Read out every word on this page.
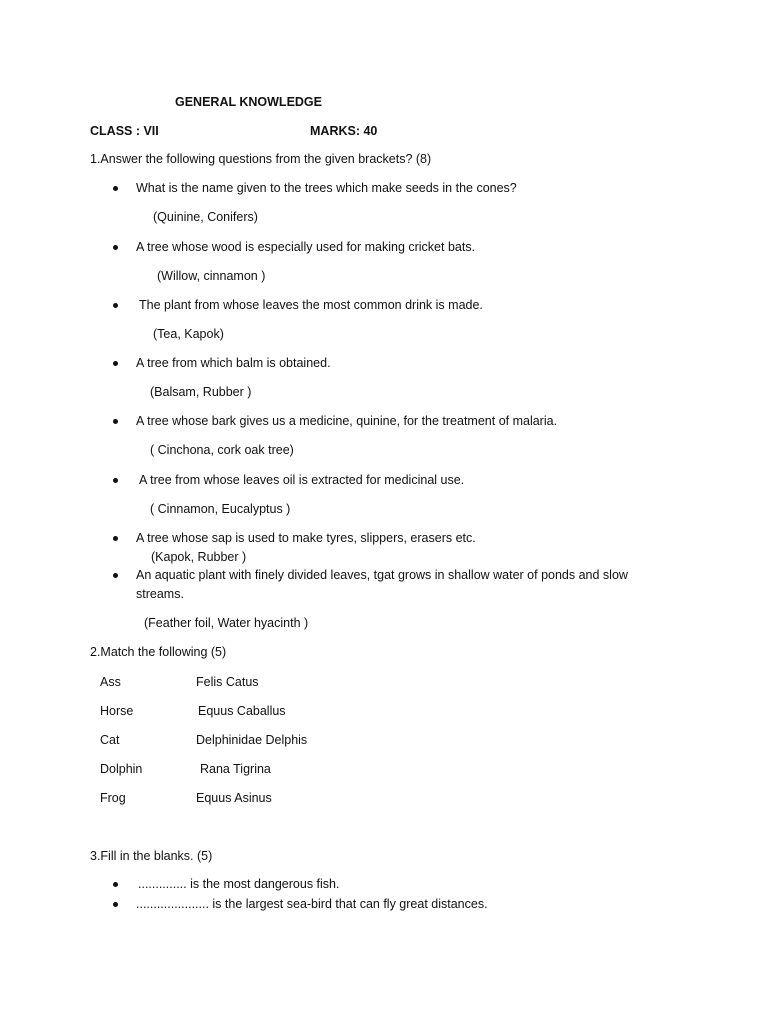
GENERAL KNOWLEDGE
CLASS : VII	MARKS: 40
1.Answer the following questions from the given brackets? (8)
What is the name given to the trees which make seeds in the cones?
(Quinine, Conifers)
A tree whose wood is especially used for making cricket bats.
(Willow, cinnamon )
The plant from whose leaves the most common drink is made.
(Tea, Kapok)
A tree from which balm is obtained.
(Balsam, Rubber )
A tree whose bark gives us a medicine, quinine, for the treatment of malaria.
( Cinchona, cork oak tree)
A tree from whose leaves oil is extracted for medicinal use.
( Cinnamon, Eucalyptus )
A tree whose sap is used to make tyres, slippers, erasers etc.
(Kapok, Rubber )
An aquatic plant with finely divided leaves, tgat grows in shallow water of ponds and slow
streams.
(Feather foil, Water hyacinth )
2.Match the following (5)
Ass	Felis Catus
Horse	Equus Caballus
Cat	Delphinidae Delphis
Dolphin	Rana Tigrina
Frog	Equus Asinus
3.Fill in the blanks. (5)
.............. is the most dangerous fish.
..................... is the largest sea-bird that can fly great distances.
